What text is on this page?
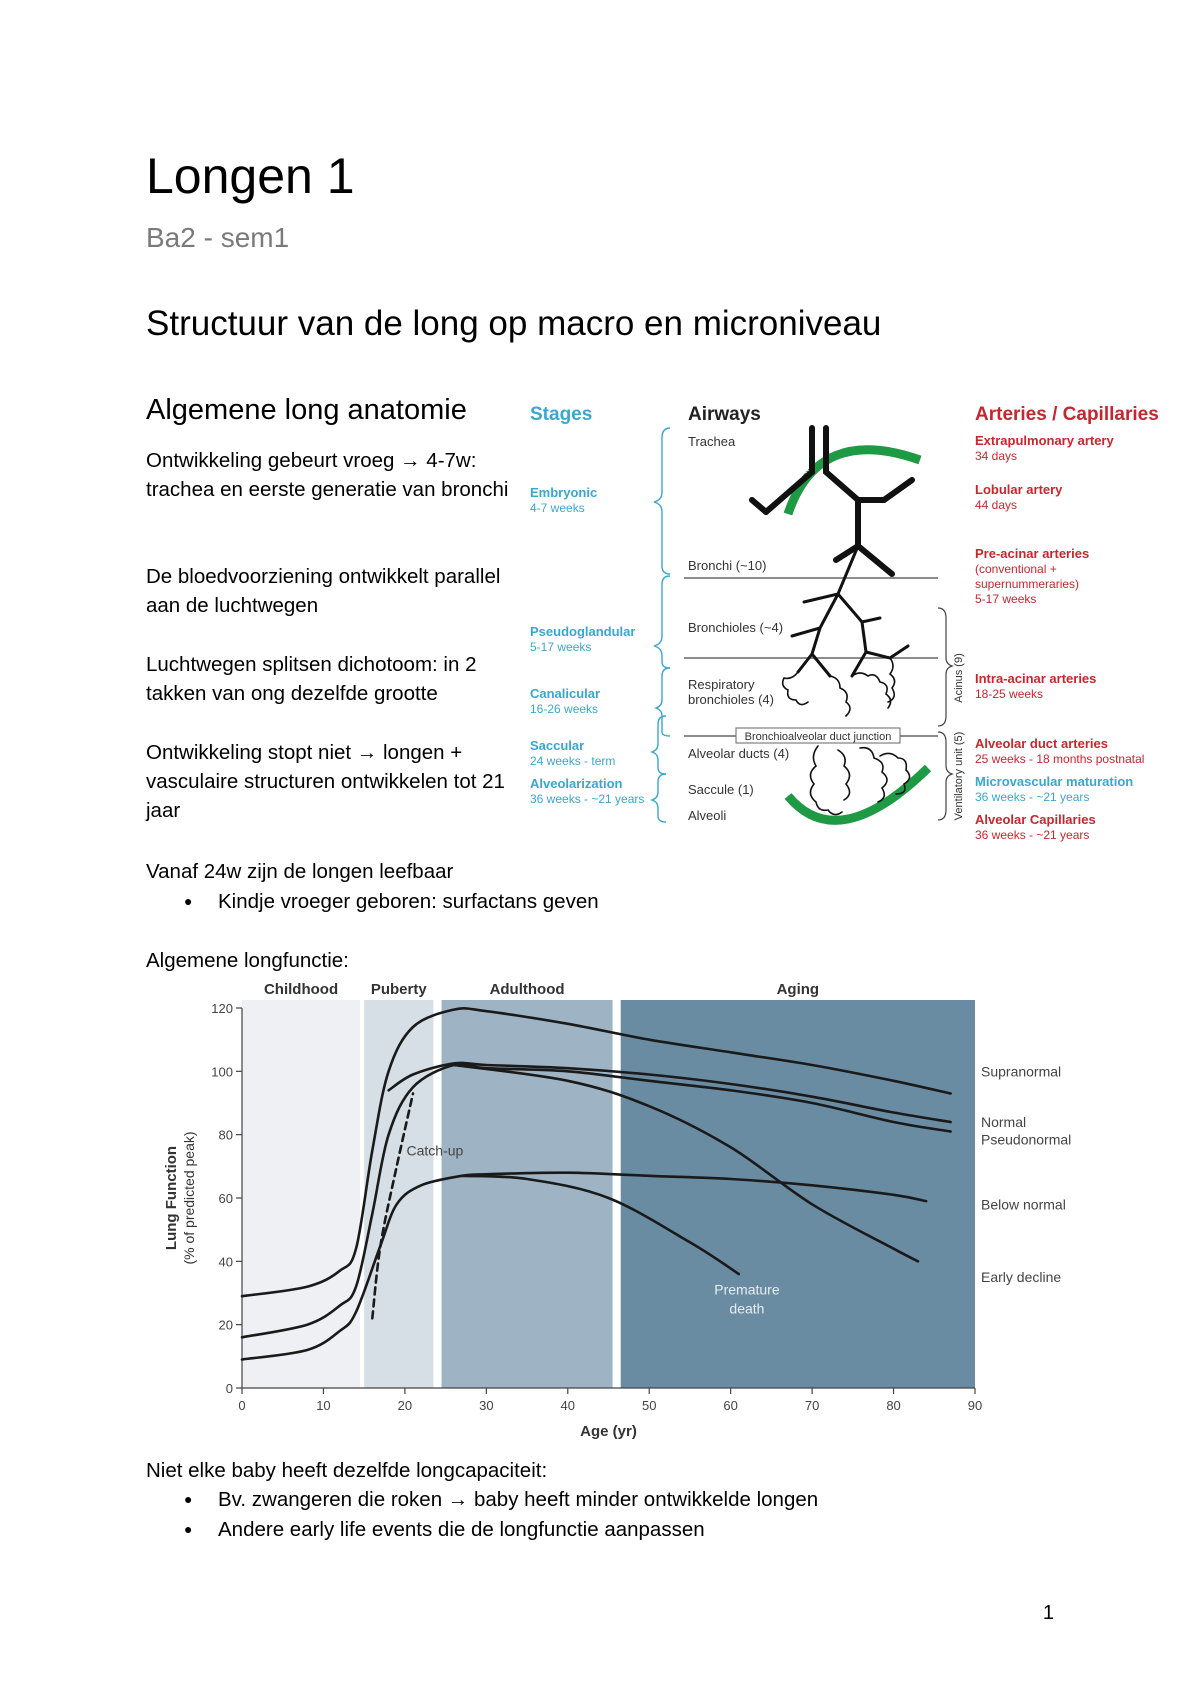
Longen 1
Ba2 - sem1
Structuur van de long op macro en microniveau
Algemene long anatomie
Ontwikkeling gebeurt vroeg → 4-7w: trachea en eerste generatie van bronchi
De bloedvoorziening ontwikkelt parallel aan de luchtwegen
Luchtwegen splitsen dichotoom: in 2 takken van ong dezelfde grootte
Ontwikkeling stopt niet → longen + vasculaire structuren ontwikkelen tot 21 jaar
Vanaf 24w zijn de longen leefbaar
● Kindje vroeger geboren: surfactans geven
Algemene longfunctie:
Stages
Embryonic
4-7 weeks
Pseudoglandular
5-17 weeks
Canalicular
16-26 weeks
Saccular
24 weeks - term
Alveolarization
36 weeks - ~21 years
Airways
Trachea
Bronchi (~10)
Bronchioles (~4)
Respiratory
bronchioles (4)
Alveolar ducts (4)
Saccule (1)
Alveoli
Bronchioalveolar duct junction
Ventral
Pleura
Acinus (9)
Ventilatory unit (5)
Arteries / Capillaries
Extrapulmonary artery
34 days
Lobular artery
44 days
Pre-acinar arteries
(conventional +
supernummeraries)
5-17 weeks
Intra-acinar arteries
18-25 weeks
Alveolar duct arteries
25 weeks - 18 months postnatal
Microvascular maturation
36 weeks - ~21 years
Alveolar Capillaries
36 weeks - ~21 years
Childhood Puberty	Adulthood	Aging
0
20
40
60
80
100
120
0	10	20	30	40	50	60	70	80	90
Age (yr)
Lung Function (% of predicted peak)
Supranormal
Normal
Pseudonormal
Below normal
Early decline
Catch-up
Premature
death
Niet elke baby heeft dezelfde longcapaciteit:
● Bv. zwangeren die roken → baby heeft minder ontwikkelde longen
● Andere early life events die de longfunctie aanpassen
1
